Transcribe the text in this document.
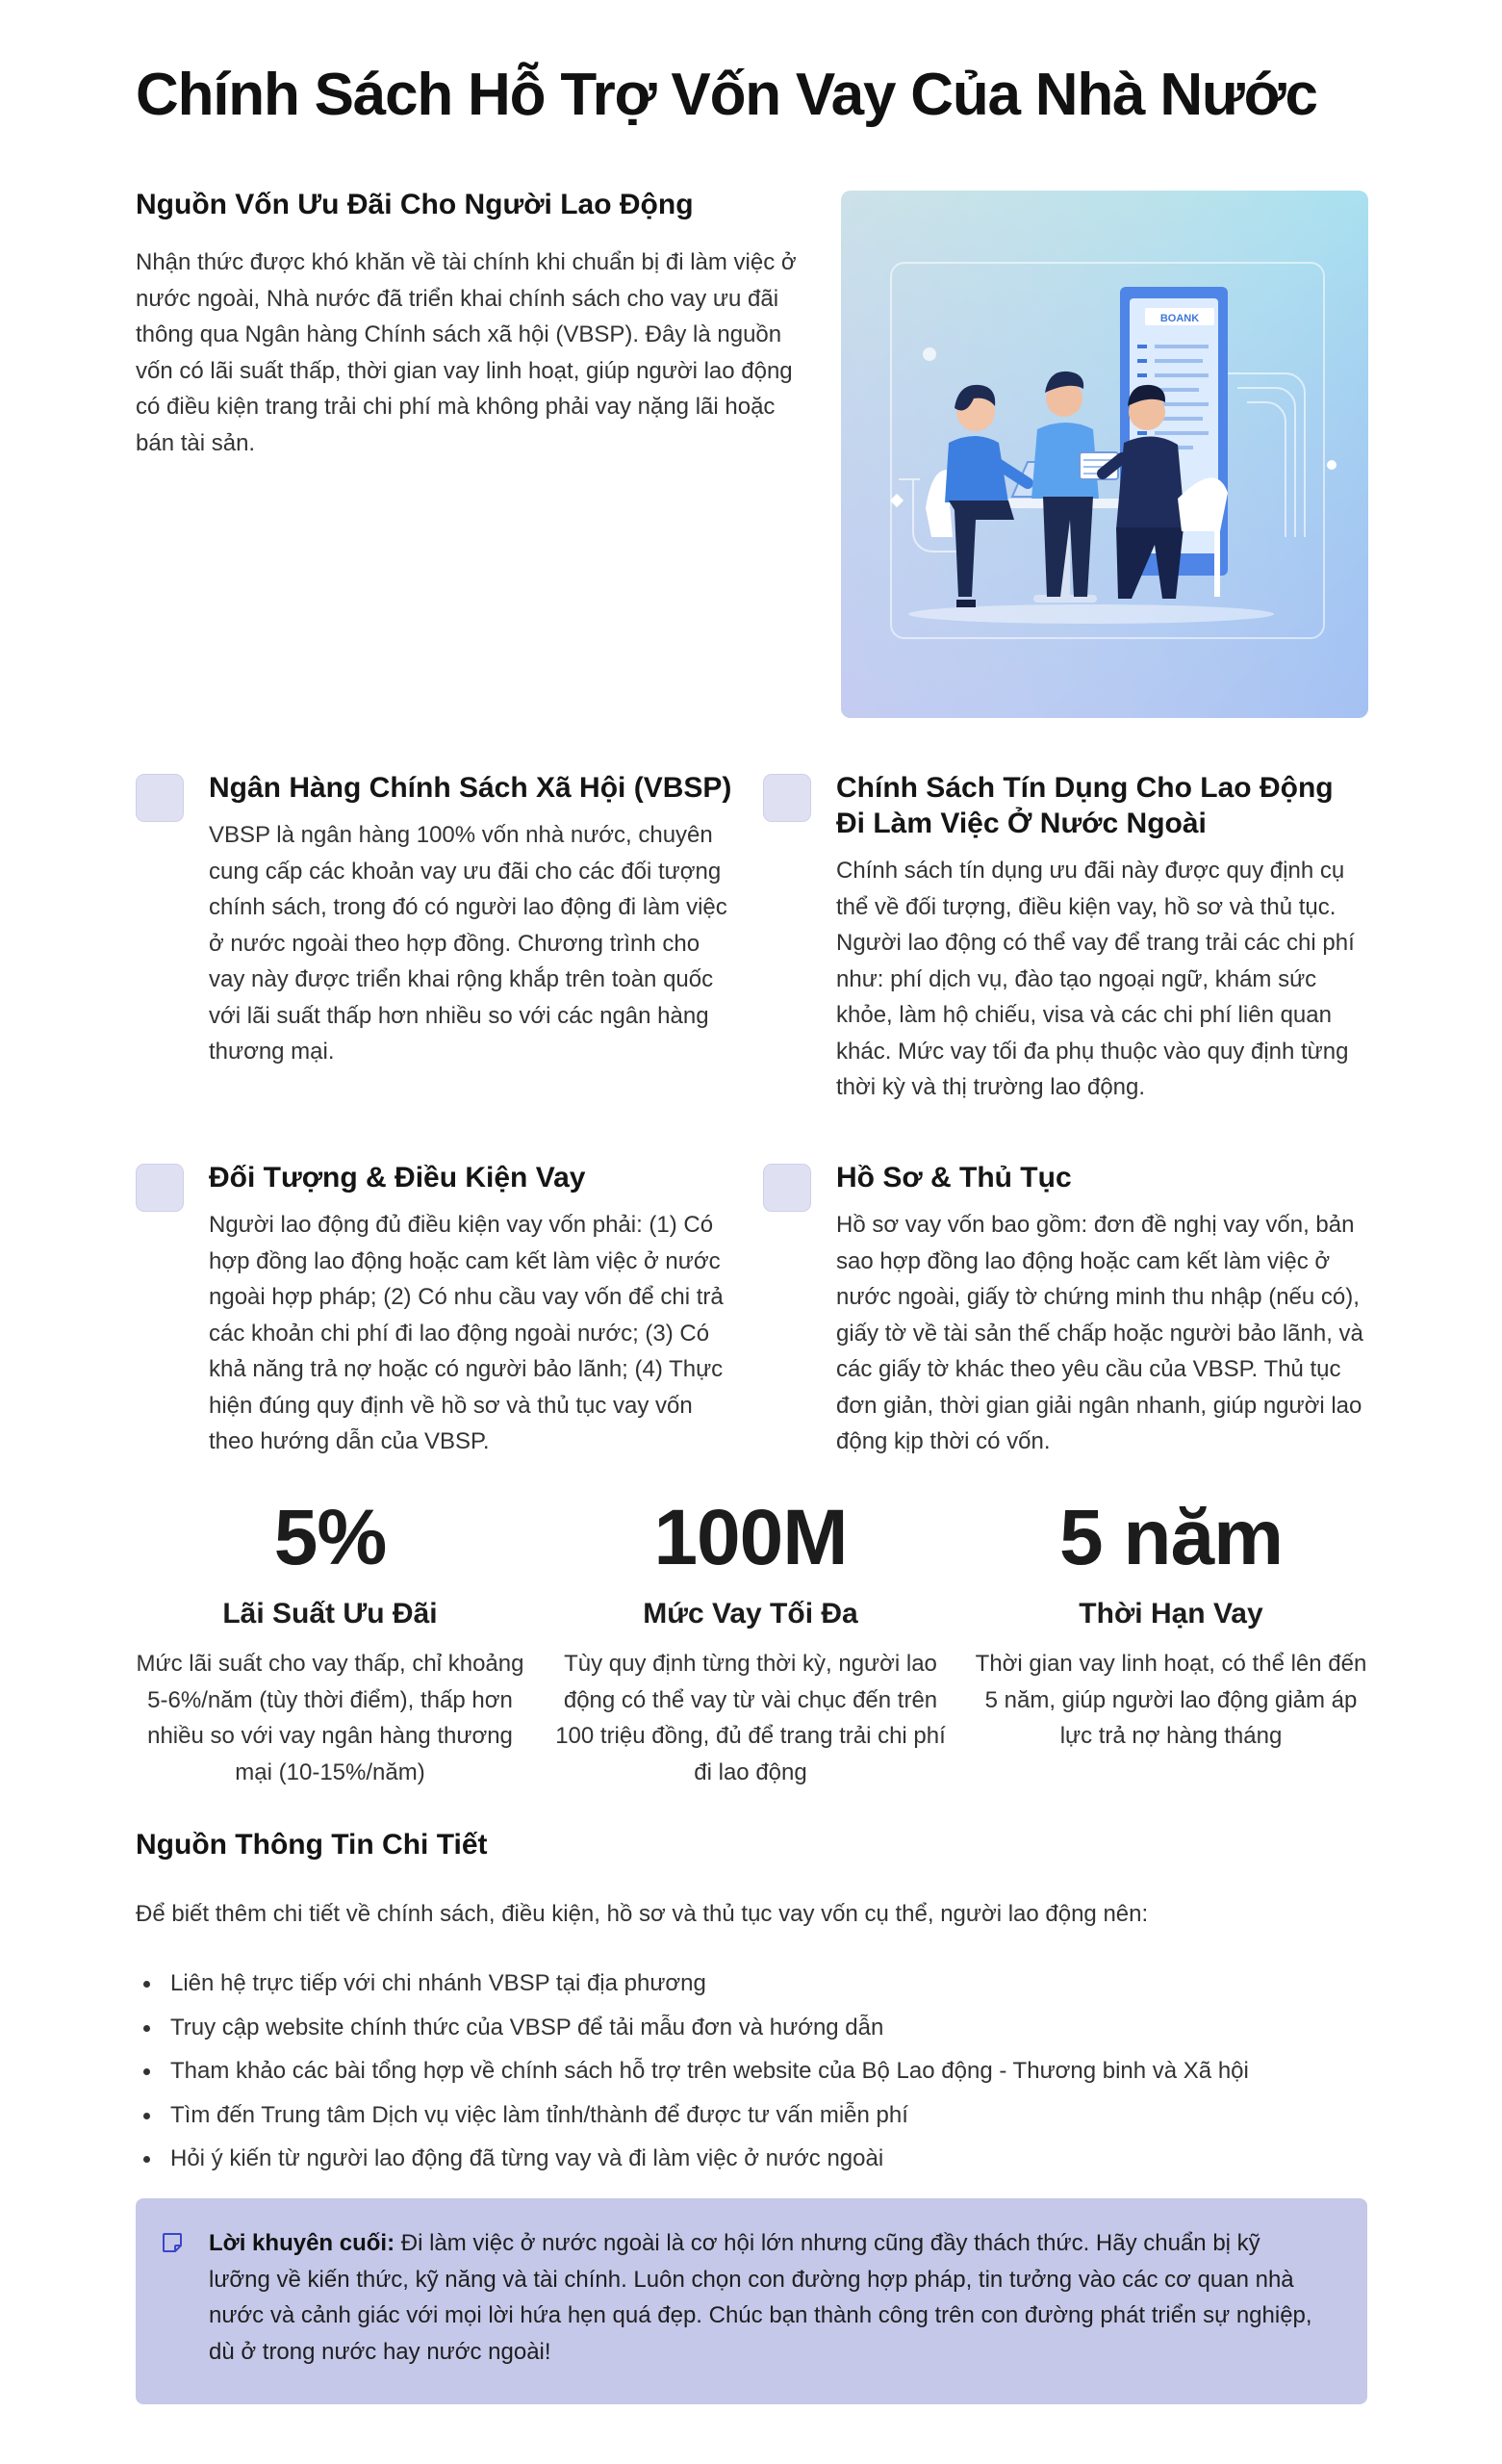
Chính Sách Hỗ Trợ Vốn Vay Của Nhà Nước
Nguồn Vốn Ưu Đãi Cho Người Lao Động

Nhận thức được khó khăn về tài chính khi chuẩn bị đi làm việc ở nước ngoài, Nhà nước đã triển khai chính sách cho vay ưu đãi thông qua Ngân hàng Chính sách xã hội (VBSP). Đây là nguồn vốn có lãi suất thấp, thời gian vay linh hoạt, giúp người lao động có điều kiện trang trải chi phí mà không phải vay nặng lãi hoặc bán tài sản.

BOANK
Ngân Hàng Chính Sách Xã Hội (VBSP)

VBSP là ngân hàng 100% vốn nhà nước, chuyên cung cấp các khoản vay ưu đãi cho các đối tượng chính sách, trong đó có người lao động đi làm việc ở nước ngoài theo hợp đồng. Chương trình cho vay này được triển khai rộng khắp trên toàn quốc với lãi suất thấp hơn nhiều so với các ngân hàng thương mại.

Chính Sách Tín Dụng Cho Lao Động Đi Làm Việc Ở Nước Ngoài

Chính sách tín dụng ưu đãi này được quy định cụ thể về đối tượng, điều kiện vay, hồ sơ và thủ tục. Người lao động có thể vay để trang trải các chi phí như: phí dịch vụ, đào tạo ngoại ngữ, khám sức khỏe, làm hộ chiếu, visa và các chi phí liên quan khác. Mức vay tối đa phụ thuộc vào quy định từng thời kỳ và thị trường lao động.

Đối Tượng & Điều Kiện Vay

Người lao động đủ điều kiện vay vốn phải: (1) Có hợp đồng lao động hoặc cam kết làm việc ở nước ngoài hợp pháp; (2) Có nhu cầu vay vốn để chi trả các khoản chi phí đi lao động ngoài nước; (3) Có khả năng trả nợ hoặc có người bảo lãnh; (4) Thực hiện đúng quy định về hồ sơ và thủ tục vay vốn theo hướng dẫn của VBSP.

Hồ Sơ & Thủ Tục

Hồ sơ vay vốn bao gồm: đơn đề nghị vay vốn, bản sao hợp đồng lao động hoặc cam kết làm việc ở nước ngoài, giấy tờ chứng minh thu nhập (nếu có), giấy tờ về tài sản thế chấp hoặc người bảo lãnh, và các giấy tờ khác theo yêu cầu của VBSP. Thủ tục đơn giản, thời gian giải ngân nhanh, giúp người lao động kịp thời có vốn.

5%
Lãi Suất Ưu Đãi
Mức lãi suất cho vay thấp, chỉ khoảng 5-6%/năm (tùy thời điểm), thấp hơn nhiều so với vay ngân hàng thương mại (10-15%/năm)
100M
Mức Vay Tối Đa
Tùy quy định từng thời kỳ, người lao động có thể vay từ vài chục đến trên 100 triệu đồng, đủ để trang trải chi phí đi lao động
5 năm
Thời Hạn Vay
Thời gian vay linh hoạt, có thể lên đến 5 năm, giúp người lao động giảm áp lực trả nợ hàng tháng
Nguồn Thông Tin Chi Tiết

Để biết thêm chi tiết về chính sách, điều kiện, hồ sơ và thủ tục vay vốn cụ thể, người lao động nên:

Liên hệ trực tiếp với chi nhánh VBSP tại địa phương
Truy cập website chính thức của VBSP để tải mẫu đơn và hướng dẫn
Tham khảo các bài tổng hợp về chính sách hỗ trợ trên website của Bộ Lao động - Thương binh và Xã hội
Tìm đến Trung tâm Dịch vụ việc làm tỉnh/thành để được tư vấn miễn phí
Hỏi ý kiến từ người lao động đã từng vay và đi làm việc ở nước ngoài

Lời khuyên cuối: Đi làm việc ở nước ngoài là cơ hội lớn nhưng cũng đầy thách thức. Hãy chuẩn bị kỹ lưỡng về kiến thức, kỹ năng và tài chính. Luôn chọn con đường hợp pháp, tin tưởng vào các cơ quan nhà nước và cảnh giác với mọi lời hứa hẹn quá đẹp. Chúc bạn thành công trên con đường phát triển sự nghiệp, dù ở trong nước hay nước ngoài!
